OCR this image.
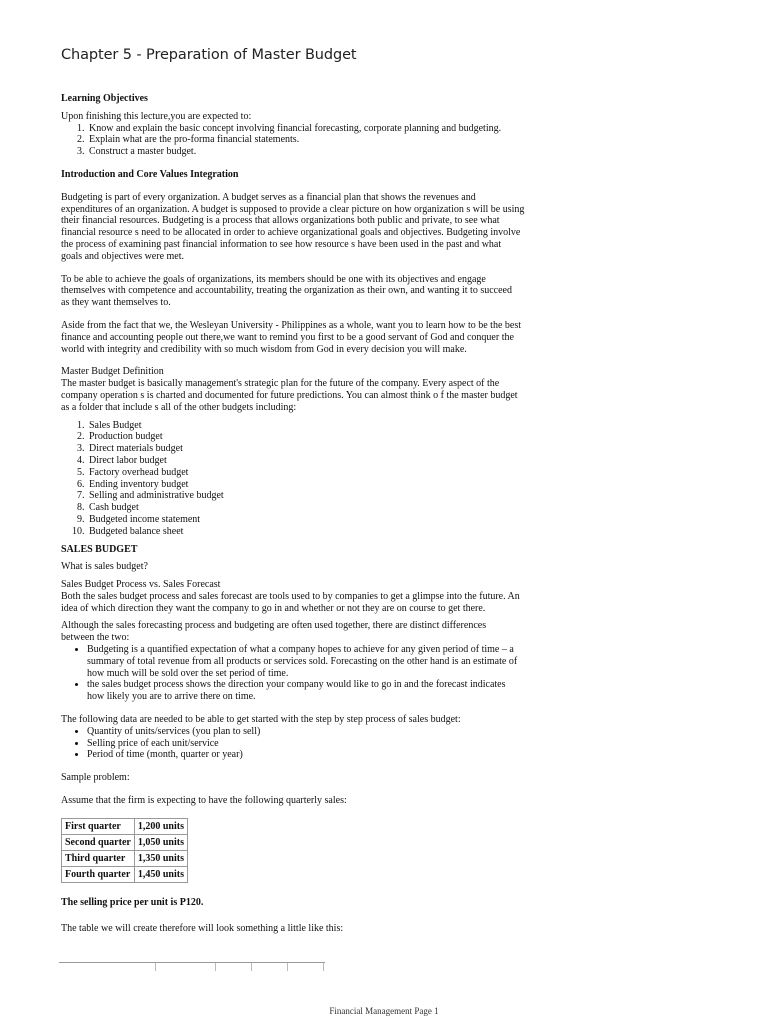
Chapter 5 - Preparation of Master Budget

Learning Objectives

Upon finishing this lecture,you are expected to:

1. Know and explain the basic concept involving financial forecasting, corporate planning and budgeting.
2. Explain what are the pro-forma financial statements.
3. Construct a master budget.

Introduction and Core Values Integration

Budgeting is part of every organization. A budget serves as a financial plan that shows the revenues and

expenditures of an organization. A budget is supposed to provide a clear picture on how organization s will be using

their financial resources. Budgeting is a process that allows organizations both public and private, to see what

financial resource s need to be allocated in order to achieve organizational goals and objectives. Budgeting involve

the process of examining past financial information to see how resource s have been used in the past and what

goals and objectives were met.

To be able to achieve the goals of organizations, its members should be one with its objectives and engage

themselves with competence and accountability, treating the organization as their own, and wanting it to succeed

as they want themselves to.

Aside from the fact that we, the Wesleyan University - Philippines as a whole, want you to learn how to be the best

finance and accounting people out there,we want to remind you first to be a good servant of God and conquer the

world with integrity and credibility with so much wisdom from God in every decision you will make.

Master Budget Definition

The master budget is basically management's strategic plan for the future of the company. Every aspect of the

company operation s is charted and documented for future predictions. You can almost think o f the master budget

as a folder that include s all of the other budgets including:

1. Sales Budget
2. Production budget
3. Direct materials budget
4. Direct labor budget
5. Factory overhead budget
6. Ending inventory budget
7. Selling and administrative budget
8. Cash budget
9. Budgeted income statement
10. Budgeted balance sheet

SALES BUDGET

What is sales budget?

Sales Budget Process vs. Sales Forecast

Both the sales budget process and sales forecast are tools used to by companies to get a glimpse into the future. An

idea of which direction they want the company to go in and whether or not they are on course to get there.

Although the sales forecasting process and budgeting are often used together, there are distinct differences

between the two:

• Budgeting is a quantified expectation of what a company hopes to achieve for any given period of time – a
summary of total revenue from all products or services sold. Forecasting on the other hand is an estimate of
how much will be sold over the set period of time.
• the sales budget process shows the direction your company would like to go in and the forecast indicates
how likely you are to arrive there on time.

The following data are needed to be able to get started with the step by step process of sales budget:

• Quantity of units/services (you plan to sell)
• Selling price of each unit/service
• Period of time (month, quarter or year)

Sample problem:

Assume that the firm is expecting to have the following quarterly sales:

First quarter	1,200 units
Second quarter	1,050 units
Third quarter	1,350 units
Fourth quarter	1,450 units

The selling price per unit is P120.

The table we will create therefore will look something a little like this:

Financial Management Page 1
